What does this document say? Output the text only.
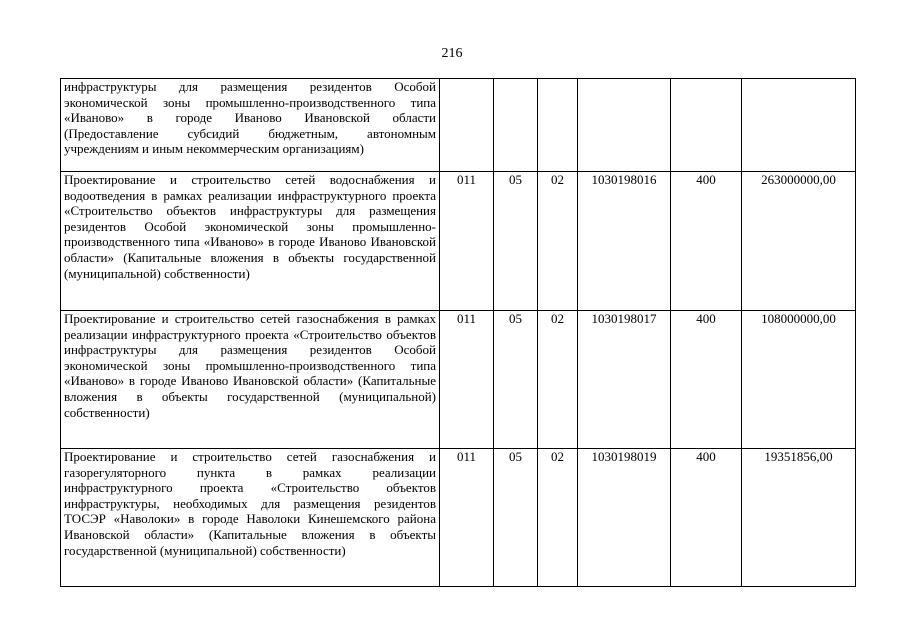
216
инфраструктуры для размещения резидентов Особой экономической зоны промышленно-производственного типа «Иваново» в городе Иваново Ивановской области (Предоставление субсидий бюджетным, автономным учреждениям и иным некоммерческим организациям)						
Проектирование и строительство сетей водоснабжения и водоотведения в рамках реализации инфраструктурного проекта «Строительство объектов инфраструктуры для размещения резидентов Особой экономической зоны промышленно-производственного типа «Иваново» в городе Иваново Ивановской области» (Капитальные вложения в объекты государственной (муниципальной) собственности)	011	05	02	1030198016	400	263000000,00
Проектирование и строительство сетей газоснабжения в рамках реализации инфраструктурного проекта «Строительство объектов инфраструктуры для размещения резидентов Особой экономической зоны промышленно-производственного типа «Иваново» в городе Иваново Ивановской области» (Капитальные вложения в объекты государственной (муниципальной) собственности)	011	05	02	1030198017	400	108000000,00
Проектирование и строительство сетей газоснабжения и газорегуляторного пункта в рамках реализации инфраструктурного проекта «Строительство объектов инфраструктуры, необходимых для размещения резидентов ТОСЭР «Наволоки» в городе Наволоки Кинешемского района Ивановской области» (Капитальные вложения в объекты государственной (муниципальной) собственности)	011	05	02	1030198019	400	19351856,00
